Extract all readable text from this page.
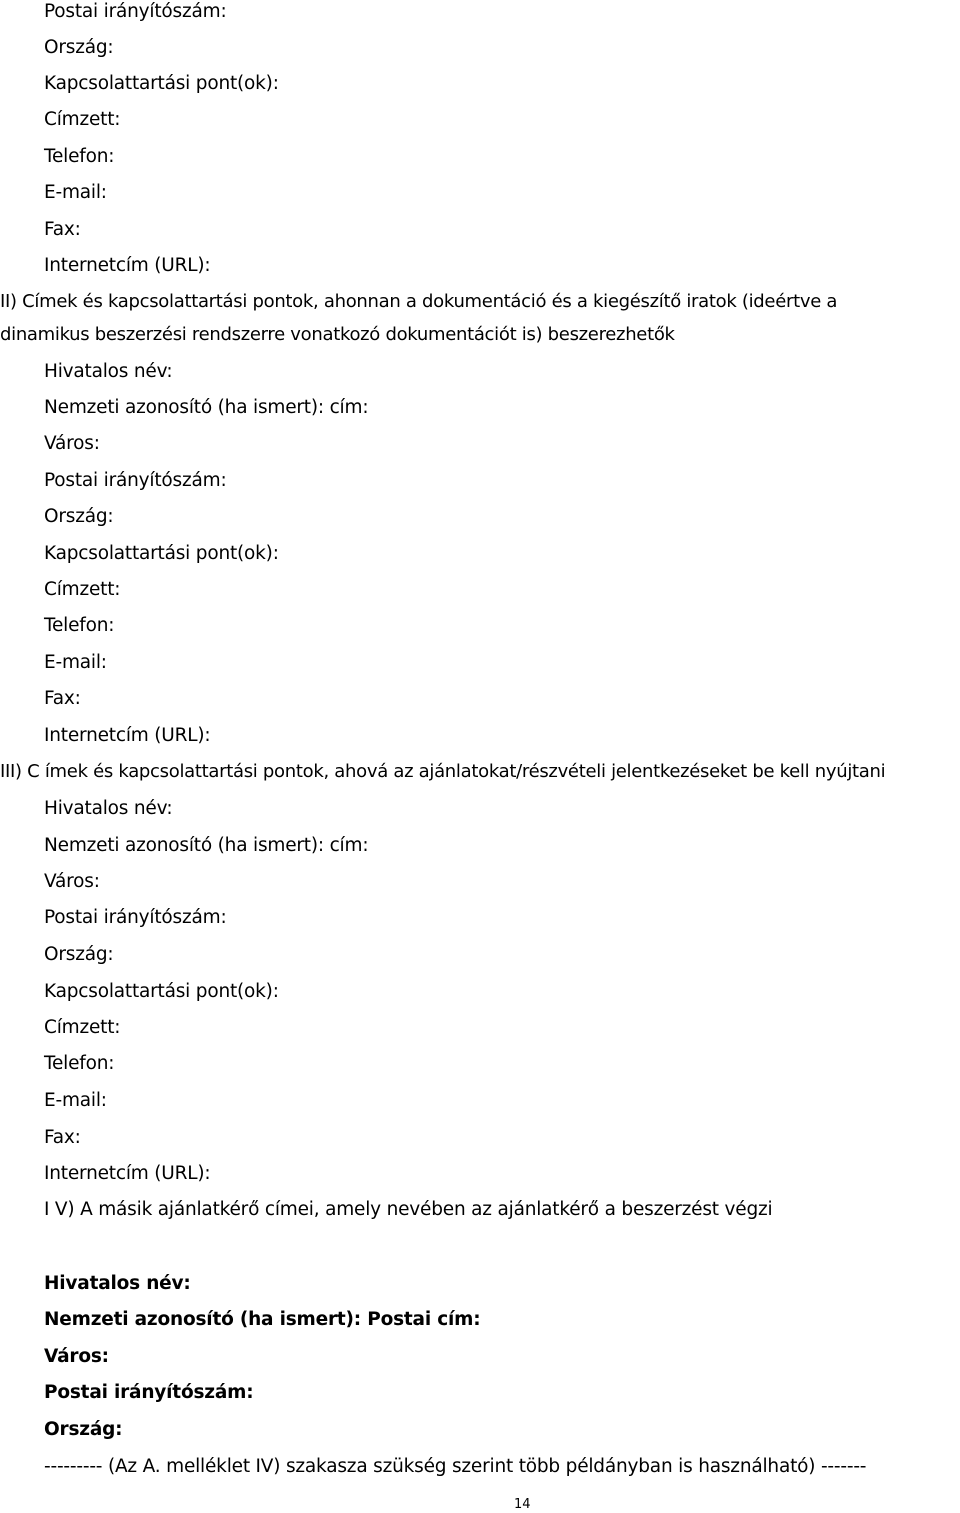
Postai irányítószám:
Ország:
Kapcsolattartási pont(ok):
Címzett:
Telefon:
E-mail:
Fax:
Internetcím (URL):
II) Címek és kapcsolattartási pontok, ahonnan a dokumentáció és a kiegészítő iratok (ideértve a
dinamikus beszerzési rendszerre vonatkozó dokumentációt is) beszerezhetők
Hivatalos név:
Nemzeti azonosító (ha ismert): cím:
Város:
Postai irányítószám:
Ország:
Kapcsolattartási pont(ok):
Címzett:
Telefon:
E-mail:
Fax:
Internetcím (URL):
III) C ímek és kapcsolattartási pontok, ahová az ajánlatokat/részvételi jelentkezéseket be kell nyújtani
Hivatalos név:
Nemzeti azonosító (ha ismert): cím:
Város:
Postai irányítószám:
Ország:
Kapcsolattartási pont(ok):
Címzett:
Telefon:
E-mail:
Fax:
Internetcím (URL):
I V) A másik ajánlatkérő címei, amely nevében az ajánlatkérő a beszerzést végzi
Hivatalos név:
Nemzeti azonosító (ha ismert): Postai cím:
Város:
Postai irányítószám:
Ország:
--------- (Az A. melléklet IV) szakasza szükség szerint több példányban is használható) -------
14
